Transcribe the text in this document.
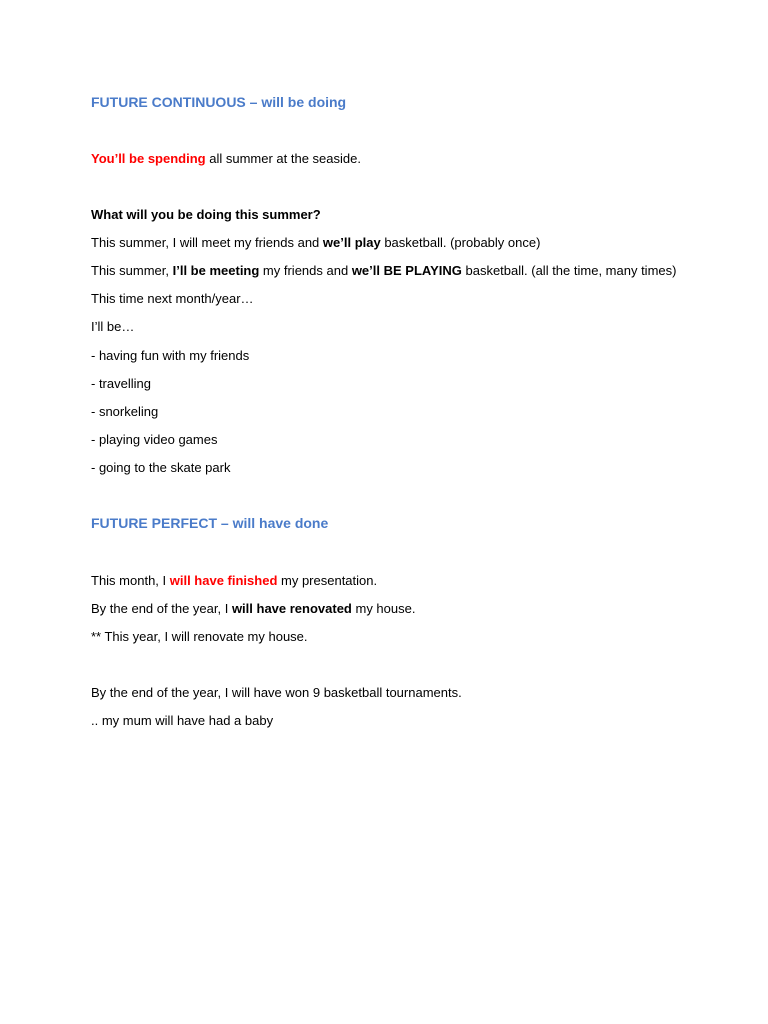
FUTURE CONTINUOUS – will be doing
You’ll be spending all summer at the seaside.
What will you be doing this summer?
This summer, I will meet my friends and we’ll play basketball. (probably once)
This summer, I’ll be meeting my friends and we’ll BE PLAYING basketball. (all the time, many times)
This time next month/year…
I’ll be…
- having fun with my friends
- travelling
- snorkeling
- playing video games
- going to the skate park
FUTURE PERFECT – will have done
This month, I will have finished my presentation.
By the end of the year, I will have renovated my house.
** This year, I will renovate my house.
By the end of the year, I will have won 9 basketball tournaments.
.. my mum will have had a baby
